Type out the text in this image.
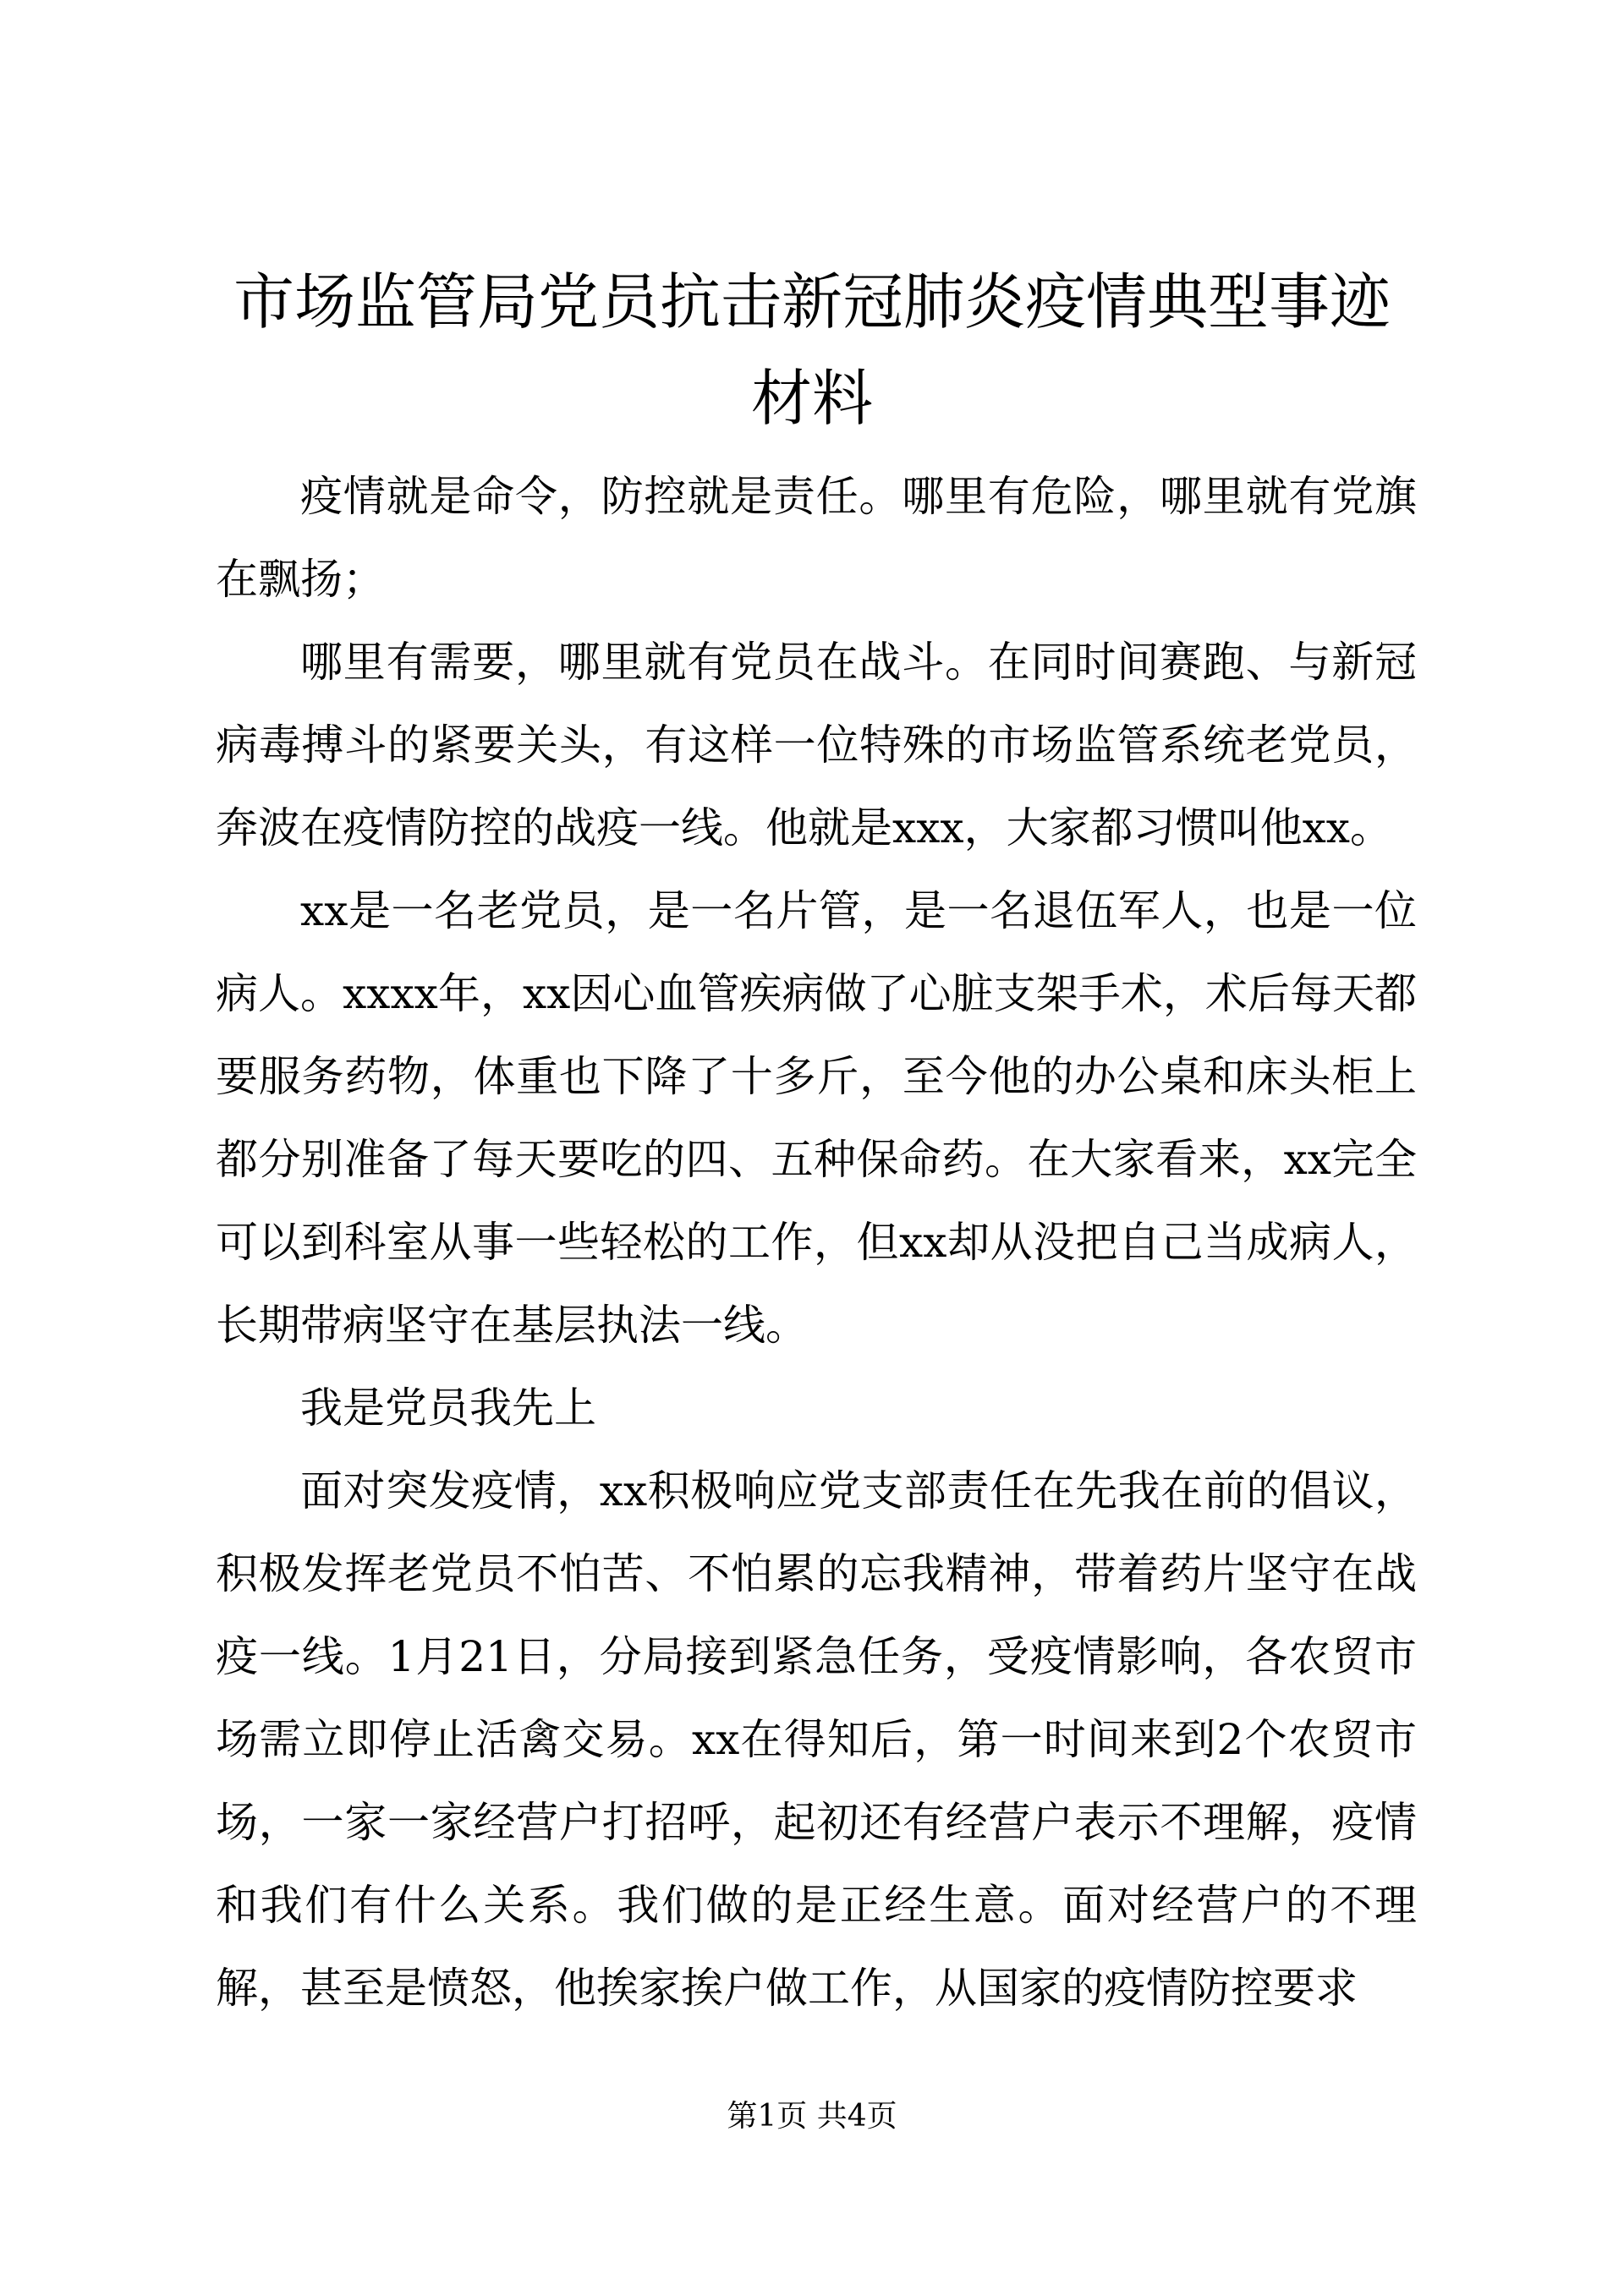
市场监管局党员抗击新冠肺炎疫情典型事迹材料

疫情就是命令，防控就是责任。哪里有危险，哪里就有党旗在飘扬；

哪里有需要，哪里就有党员在战斗。在同时间赛跑、与新冠病毒搏斗的紧要关头，有这样一位特殊的市场监管系统老党员，奔波在疫情防控的战疫一线。他就是xxx，大家都习惯叫他xx。

xx是一名老党员，是一名片管，是一名退伍军人，也是一位病人。xxxx年，xx因心血管疾病做了心脏支架手术，术后每天都要服务药物，体重也下降了十多斤，至今他的办公桌和床头柜上都分别准备了每天要吃的四、五种保命药。在大家看来，xx完全可以到科室从事一些轻松的工作，但xx却从没把自己当成病人，长期带病坚守在基层执法一线。

我是党员我先上

面对突发疫情，xx积极响应党支部责任在先我在前的倡议，积极发挥老党员不怕苦、不怕累的忘我精神，带着药片坚守在战疫一线。1月21日，分局接到紧急任务，受疫情影响，各农贸市场需立即停止活禽交易。xx在得知后，第一时间来到2个农贸市场，一家一家经营户打招呼，起初还有经营户表示不理解，疫情和我们有什么关系。我们做的是正经生意。面对经营户的不理解，甚至是愤怒，他挨家挨户做工作，从国家的疫情防控要求

第1页 共4页
